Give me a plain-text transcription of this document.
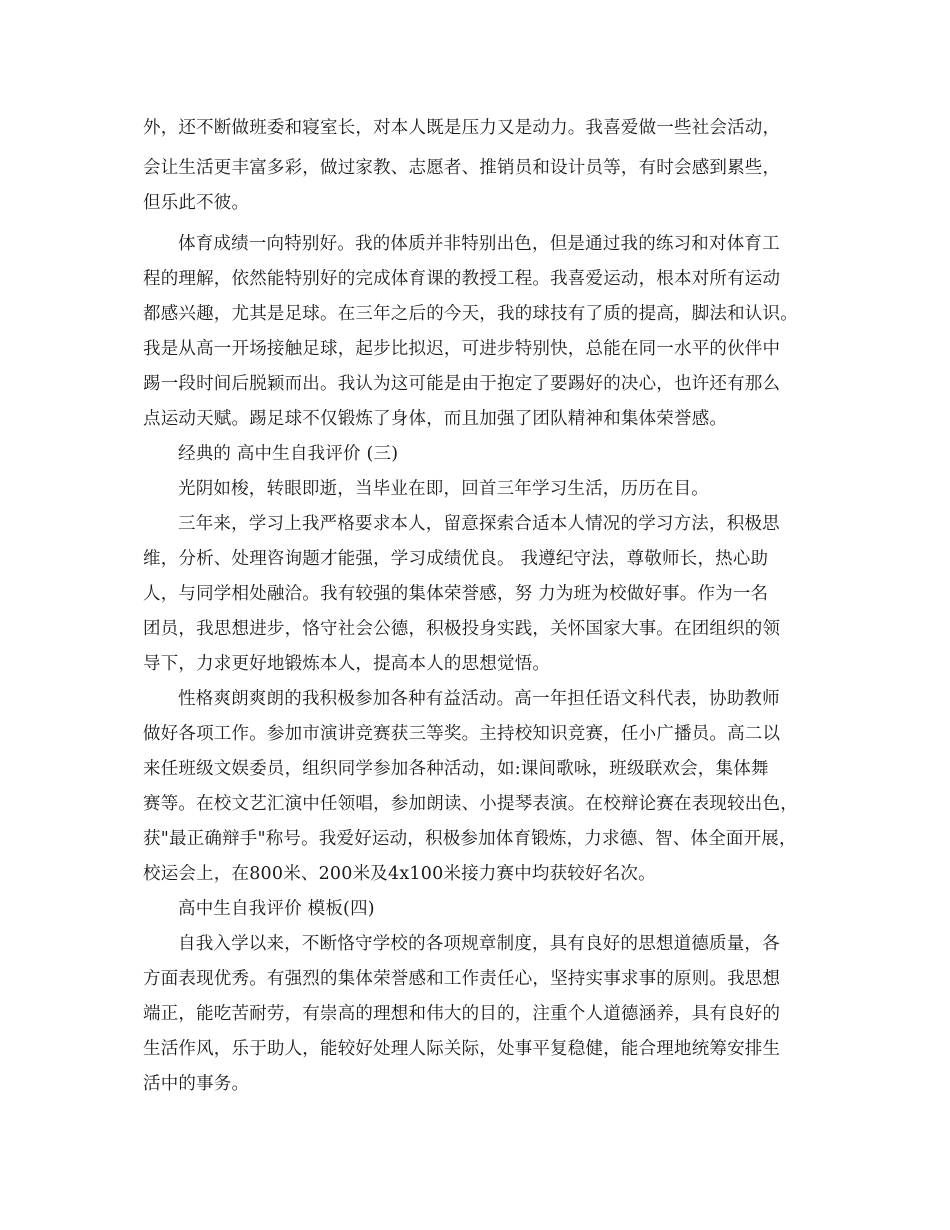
外，还不断做班委和寝室长，对本人既是压力又是动力。我喜爱做一些社会活动，
会让生活更丰富多彩，做过家教、志愿者、推销员和设计员等，有时会感到累些，
但乐此不彼。
体育成绩一向特别好。我的体质并非特别出色，但是通过我的练习和对体育工
程的理解，依然能特别好的完成体育课的教授工程。我喜爱运动，根本对所有运动
都感兴趣，尤其是足球。在三年之后的今天，我的球技有了质的提高，脚法和认识。
我是从高一开场接触足球，起步比拟迟，可进步特别快，总能在同一水平的伙伴中
踢一段时间后脱颖而出。我认为这可能是由于抱定了要踢好的决心，也许还有那么
点运动天赋。踢足球不仅锻炼了身体，而且加强了团队精神和集体荣誉感。
经典的 高中生自我评价 (三)
光阴如梭，转眼即逝，当毕业在即，回首三年学习生活，历历在目。
三年来，学习上我严格要求本人，留意探索合适本人情况的学习方法，积极思
维，分析、处理咨询题才能强，学习成绩优良。 我遵纪守法，尊敬师长，热心助
人，与同学相处融洽。我有较强的集体荣誉感，努 力为班为校做好事。作为一名
团员，我思想进步，恪守社会公德，积极投身实践，关怀国家大事。在团组织的领
导下，力求更好地锻炼本人，提高本人的思想觉悟。
性格爽朗爽朗的我积极参加各种有益活动。高一年担任语文科代表，协助教师
做好各项工作。参加市演讲竞赛获三等奖。主持校知识竞赛，任小广播员。高二以
来任班级文娱委员，组织同学参加各种活动，如:课间歌咏，班级联欢会，集体舞
赛等。在校文艺汇演中任领唱，参加朗读、小提琴表演。在校辩论赛在表现较出色，
获"最正确辩手"称号。我爱好运动，积极参加体育锻炼，力求德、智、体全面开展，
校运会上，在800米、200米及4x100米接力赛中均获较好名次。
高中生自我评价 模板(四)
自我入学以来，不断恪守学校的各项规章制度，具有良好的思想道德质量，各
方面表现优秀。有强烈的集体荣誉感和工作责任心，坚持实事求事的原则。我思想
端正，能吃苦耐劳，有崇高的理想和伟大的目的，注重个人道德涵养，具有良好的
生活作风，乐于助人，能较好处理人际关际，处事平复稳健，能合理地统筹安排生
活中的事务。
